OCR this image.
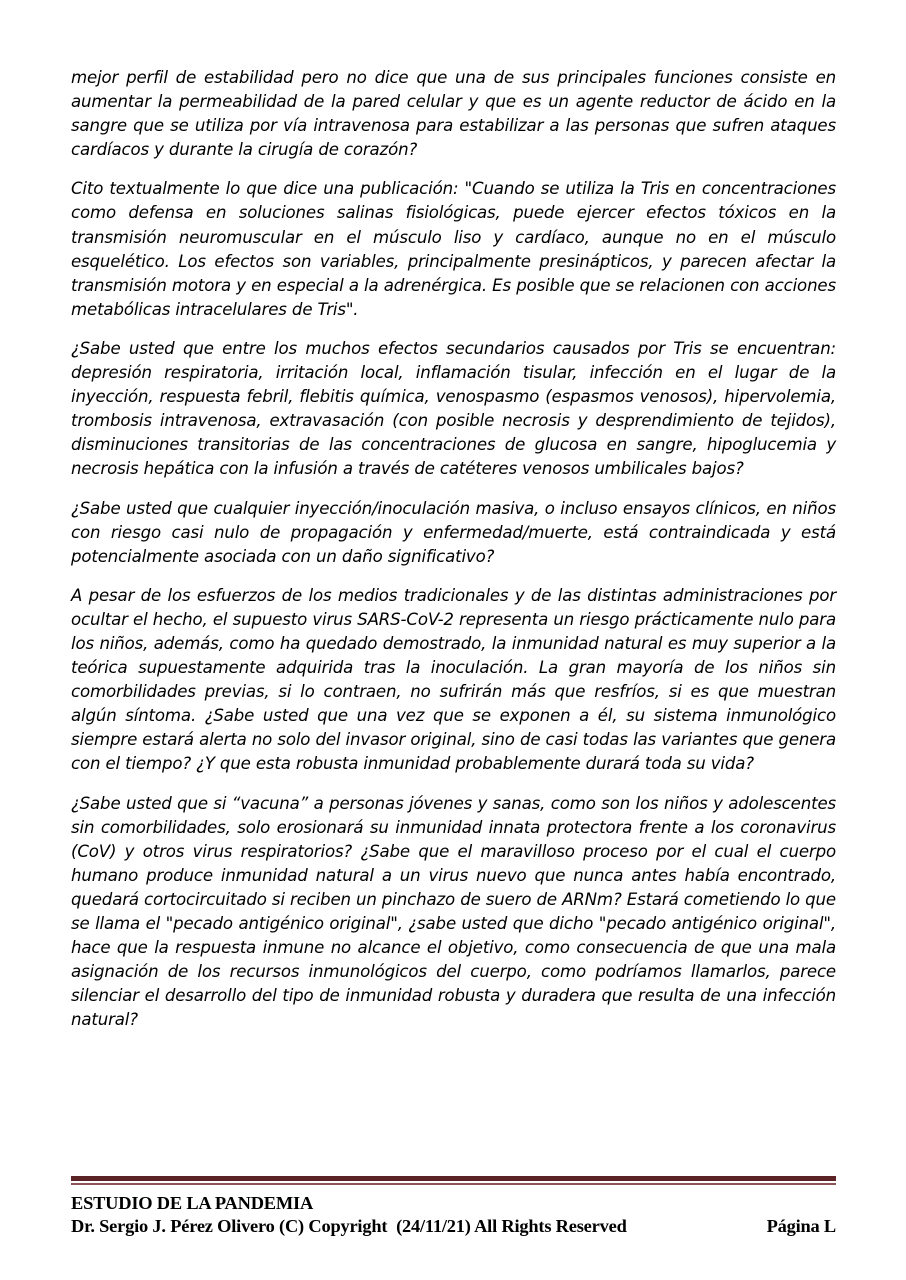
mejor perfil de estabilidad pero no dice que una de sus principales funciones consiste en aumentar la permeabilidad de la pared celular y que es un agente reductor de ácido en la sangre que se utiliza por vía intravenosa para estabilizar a las personas que sufren ataques cardíacos y durante la cirugía de corazón?

Cito textualmente lo que dice una publicación: "Cuando se utiliza la Tris en concentraciones como defensa en soluciones salinas fisiológicas, puede ejercer efectos tóxicos en la transmisión neuromuscular en el músculo liso y cardíaco, aunque no en el músculo esquelético. Los efectos son variables, principalmente presinápticos, y parecen afectar la transmisión motora y en especial a la adrenérgica. Es posible que se relacionen con acciones metabólicas intracelulares de Tris".

¿Sabe usted que entre los muchos efectos secundarios causados por Tris se encuentran: depresión respiratoria, irritación local, inflamación tisular, infección en el lugar de la inyección, respuesta febril, flebitis química, venospasmo (espasmos venosos), hipervolemia, trombosis intravenosa, extravasación (con posible necrosis y desprendimiento de tejidos), disminuciones transitorias de las concentraciones de glucosa en sangre, hipoglucemia y necrosis hepática con la infusión a través de catéteres venosos umbilicales bajos?

¿Sabe usted que cualquier inyección/inoculación masiva, o incluso ensayos clínicos, en niños con riesgo casi nulo de propagación y enfermedad/muerte, está contraindicada y está potencialmente asociada con un daño significativo?

A pesar de los esfuerzos de los medios tradicionales y de las distintas administraciones por ocultar el hecho, el supuesto virus SARS-CoV-2 representa un riesgo prácticamente nulo para los niños, además, como ha quedado demostrado, la inmunidad natural es muy superior a la teórica supuestamente adquirida tras la inoculación. La gran mayoría de los niños sin comorbilidades previas, si lo contraen, no sufrirán más que resfríos, si es que muestran algún síntoma. ¿Sabe usted que una vez que se exponen a él, su sistema inmunológico siempre estará alerta no solo del invasor original, sino de casi todas las variantes que genera con el tiempo? ¿Y que esta robusta inmunidad probablemente durará toda su vida?

¿Sabe usted que si “vacuna” a personas jóvenes y sanas, como son los niños y adolescentes sin comorbilidades, solo erosionará su inmunidad innata protectora frente a los coronavirus (CoV) y otros virus respiratorios? ¿Sabe que el maravilloso proceso por el cual el cuerpo humano produce inmunidad natural a un virus nuevo que nunca antes había encontrado, quedará cortocircuitado si reciben un pinchazo de suero de ARNm? Estará cometiendo lo que se llama el "pecado antigénico original", ¿sabe usted que dicho "pecado antigénico original",  hace que la respuesta inmune no alcance el objetivo, como consecuencia de que una mala asignación de los recursos inmunológicos del cuerpo, como podríamos llamarlos, parece silenciar el desarrollo del tipo de inmunidad robusta y duradera que resulta de una infección natural?

ESTUDIO DE LA PANDEMIA
Dr. Sergio J. Pérez Olivero (C) Copyright  (24/11/21) All Rights Reserved	Página L
